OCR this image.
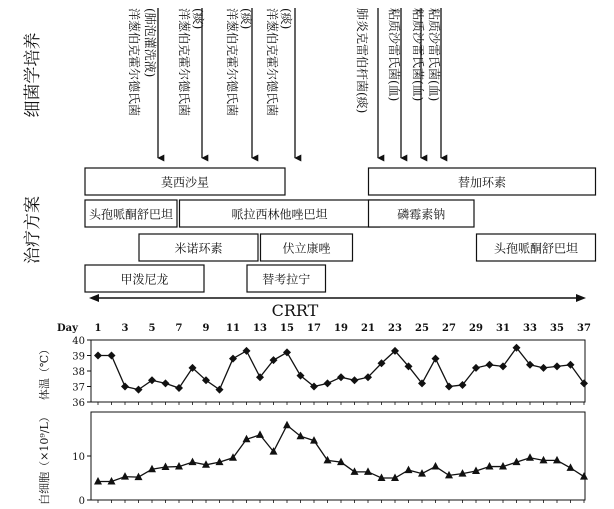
细菌学培养
治疗方案
洋葱伯克霍尔德氏菌 (肺泡灌洗液) 洋葱伯克霍尔德氏菌 (痰) 洋葱伯克霍尔德氏菌 (痰) 洋葱伯克霍尔德氏菌 (痰)	肺炎克雷伯杆菌(痰) 粘质沙雷氏菌(血) 粘质沙雷氏菌(血) 粘质沙雷氏菌(血)
莫西沙星	替加环素
头孢哌酮舒巴坦	哌拉西林他唑巴坦	磷霉素钠
米诺环素	伏立康唑	头孢哌酮舒巴坦
甲泼尼龙	替考拉宁
CRRT
Day 1 3 5 7 9 11 13 15 17 19 21 23 25 27 29 31 33 35 37
体温（℃）
36
37
38
39
40
白细胞（×10⁹/L）	0
10
